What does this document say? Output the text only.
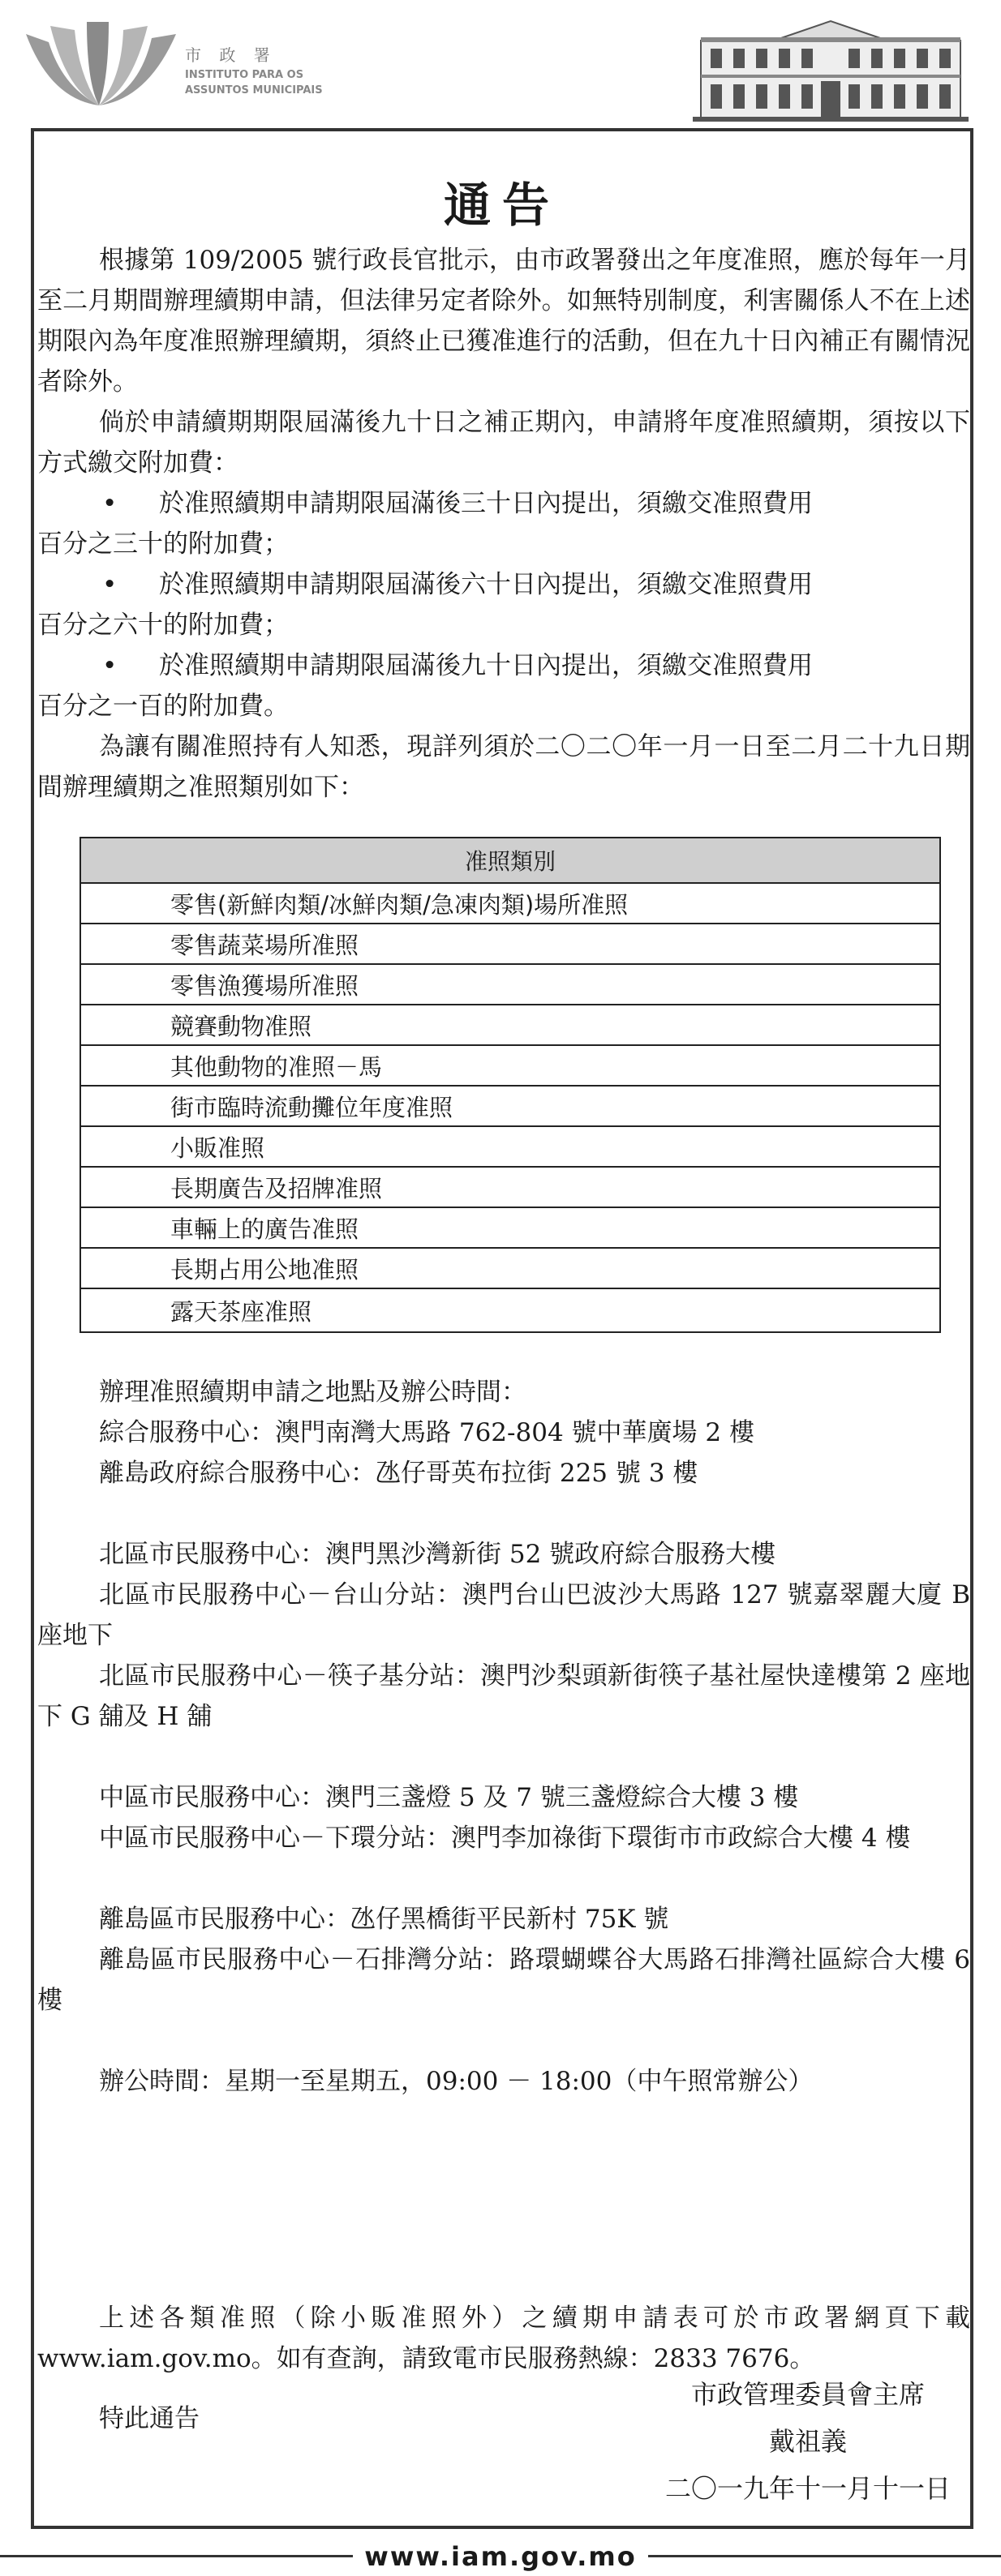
市 政 署
INSTITUTO PARA OS
ASSUNTOS MUNICIPAIS
通告

根據第 109/2005 號行政長官批示，由市政署發出之年度准照，應於每年一月至二月期間辦理續期申請，但法律另定者除外。如無特別制度，利害關係人不在上述期限內為年度准照辦理續期，須終止已獲准進行的活動，但在九十日內補正有關情況者除外。

倘於申請續期期限屆滿後九十日之補正期內，申請將年度准照續期，須按以下方式繳交附加費：

•	於准照續期申請期限屆滿後三十日內提出，須繳交准照費用

百分之三十的附加費；

•	於准照續期申請期限屆滿後六十日內提出，須繳交准照費用

百分之六十的附加費；

•	於准照續期申請期限屆滿後九十日內提出，須繳交准照費用

百分之一百的附加費。

為讓有關准照持有人知悉，現詳列須於二〇二〇年一月一日至二月二十九日期間辦理續期之准照類別如下：

准照類別
零售(新鮮肉類/冰鮮肉類/急凍肉類)場所准照
零售蔬菜場所准照
零售漁獲場所准照
競賽動物准照
其他動物的准照－馬
街市臨時流動攤位年度准照
小販准照
長期廣告及招牌准照
車輛上的廣告准照
長期占用公地准照
露天茶座准照

辦理准照續期申請之地點及辦公時間：

綜合服務中心：澳門南灣大馬路 762-804 號中華廣場 2 樓

離島政府綜合服務中心：氹仔哥英布拉街 225 號 3 樓

北區市民服務中心：澳門黑沙灣新街 52 號政府綜合服務大樓

北區市民服務中心－台山分站：澳門台山巴波沙大馬路 127 號嘉翠麗大廈 B 座地下

北區市民服務中心－筷子基分站：澳門沙梨頭新街筷子基社屋快達樓第 2 座地下 G 舖及 H 舖

中區市民服務中心：澳門三盞燈 5 及 7 號三盞燈綜合大樓 3 樓

中區市民服務中心－下環分站：澳門李加祿街下環街市市政綜合大樓 4 樓

離島區市民服務中心：氹仔黑橋街平民新村 75K 號

離島區市民服務中心－石排灣分站：路環蝴蝶谷大馬路石排灣社區綜合大樓 6 樓

辦公時間：星期一至星期五，09:00 － 18:00（中午照常辦公）

上述各類准照（除小販准照外）之續期申請表可於市政署網頁下載 www.iam.gov.mo。如有查詢，請致電市民服務熱線：2833 7676。

特此通告

市政管理委員會主席
戴祖義
二〇一九年十一月十一日
www.iam.gov.mo
